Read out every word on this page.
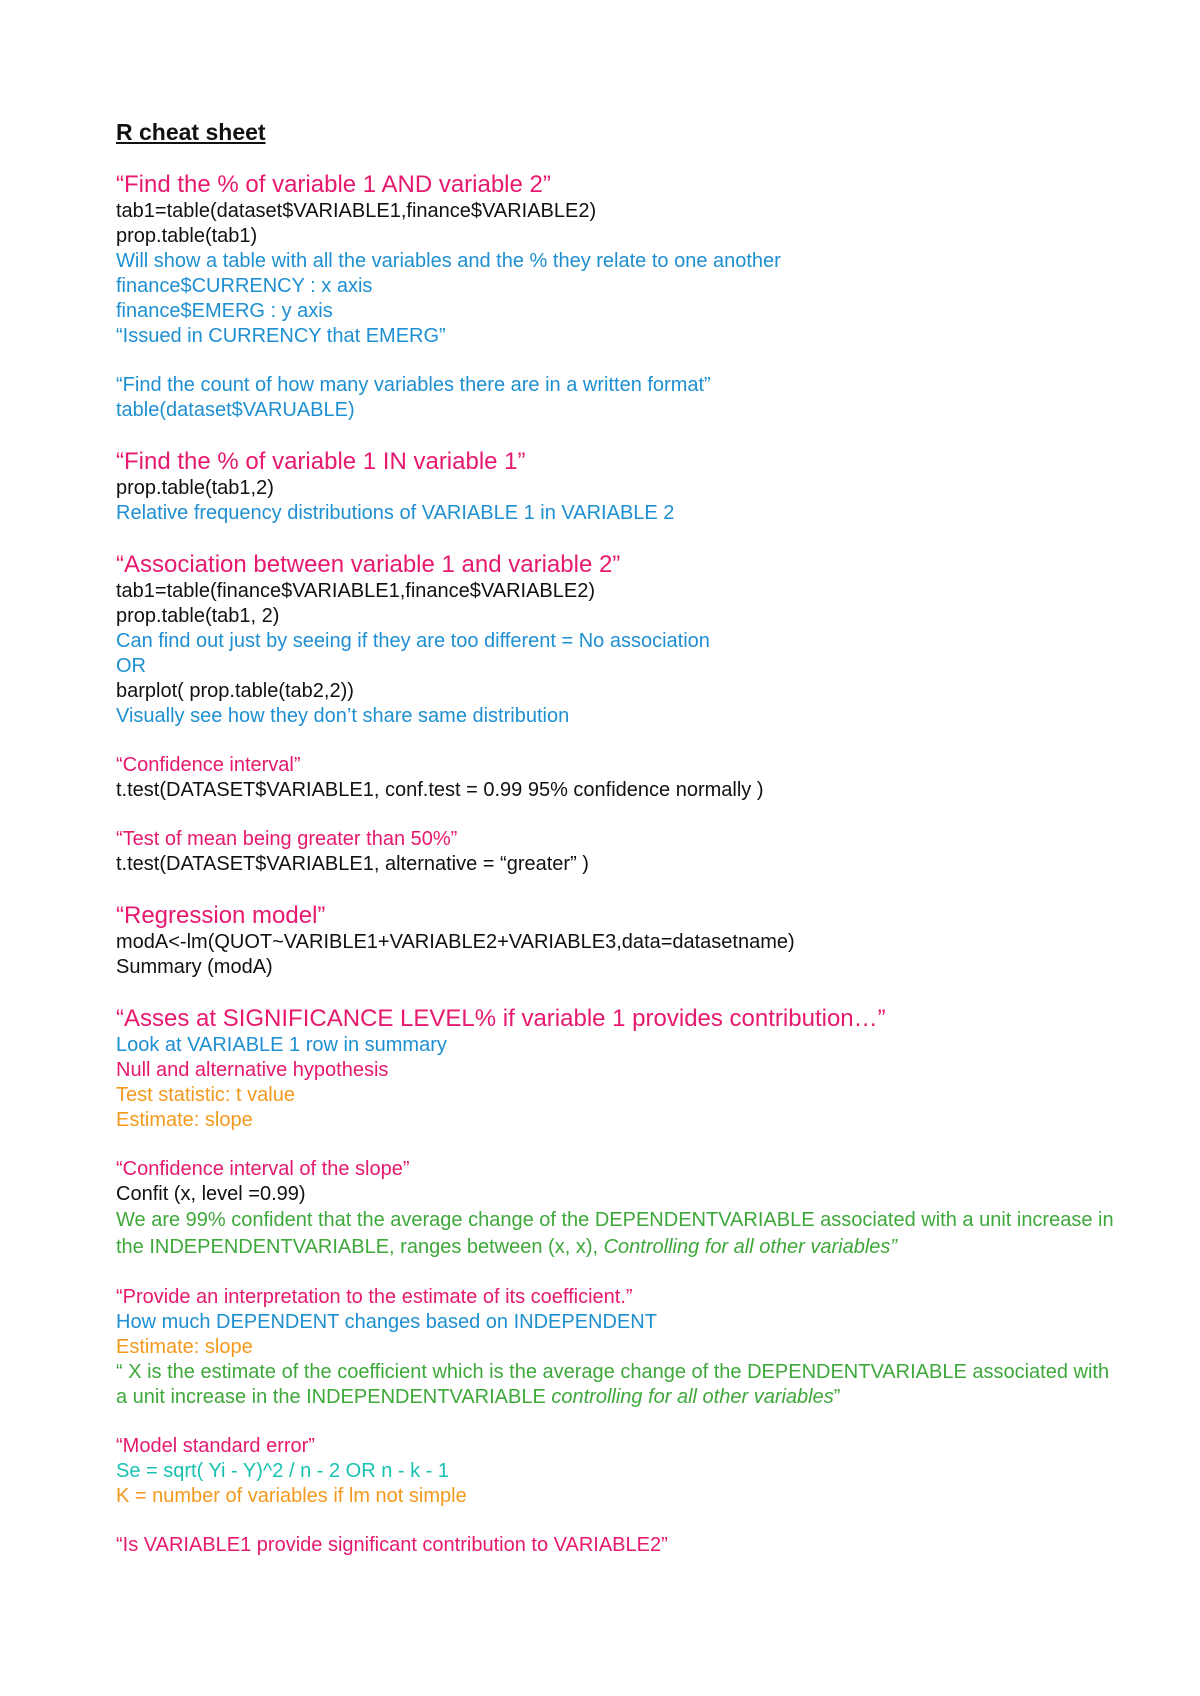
R cheat sheet
“Find the % of variable 1 AND variable 2”
tab1=table(dataset$VARIABLE1,finance$VARIABLE2)
prop.table(tab1)
Will show a table with all the variables and the % they relate to one another
finance$CURRENCY : x axis
finance$EMERG : y axis
“Issued in CURRENCY that EMERG”
“Find the count of how many variables there are in a written format”
table(dataset$VARUABLE)
“Find the % of variable 1 IN variable 1”
prop.table(tab1,2)
Relative frequency distributions of VARIABLE 1 in VARIABLE 2
“Association between variable 1 and variable 2”
tab1=table(finance$VARIABLE1,finance$VARIABLE2)
prop.table(tab1, 2)
Can find out just by seeing if they are too different = No association
OR
barplot( prop.table(tab2,2))
Visually see how they don’t share same distribution
“Confidence interval”
t.test(DATASET$VARIABLE1, conf.test = 0.99 95% confidence normally )
“Test of mean being greater than 50%”
t.test(DATASET$VARIABLE1, alternative = “greater” )
“Regression model”
modA<-lm(QUOT~VARIBLE1+VARIABLE2+VARIABLE3,data=datasetname)
Summary (modA)
“Asses at SIGNIFICANCE LEVEL% if variable 1 provides contribution…”
Look at VARIABLE 1 row in summary
Null and alternative hypothesis
Test statistic: t value
Estimate: slope
“Confidence interval of the slope”
Confit (x, level =0.99)
We are 99% confident that the average change of the DEPENDENTVARIABLE associated with a unit increase in the INDEPENDENTVARIABLE, ranges between (x, x), Controlling for all other variables”
“Provide an interpretation to the estimate of its coefficient.”
How much DEPENDENT changes based on INDEPENDENT
Estimate: slope
“ X is the estimate of the coefficient which is the average change of the DEPENDENTVARIABLE associated with a unit increase in the INDEPENDENTVARIABLE controlling for all other variables”
“Model standard error”
Se = sqrt( Yi - Y)^2 / n - 2 OR n - k - 1
K = number of variables if lm not simple
“Is VARIABLE1 provide significant contribution to VARIABLE2”
